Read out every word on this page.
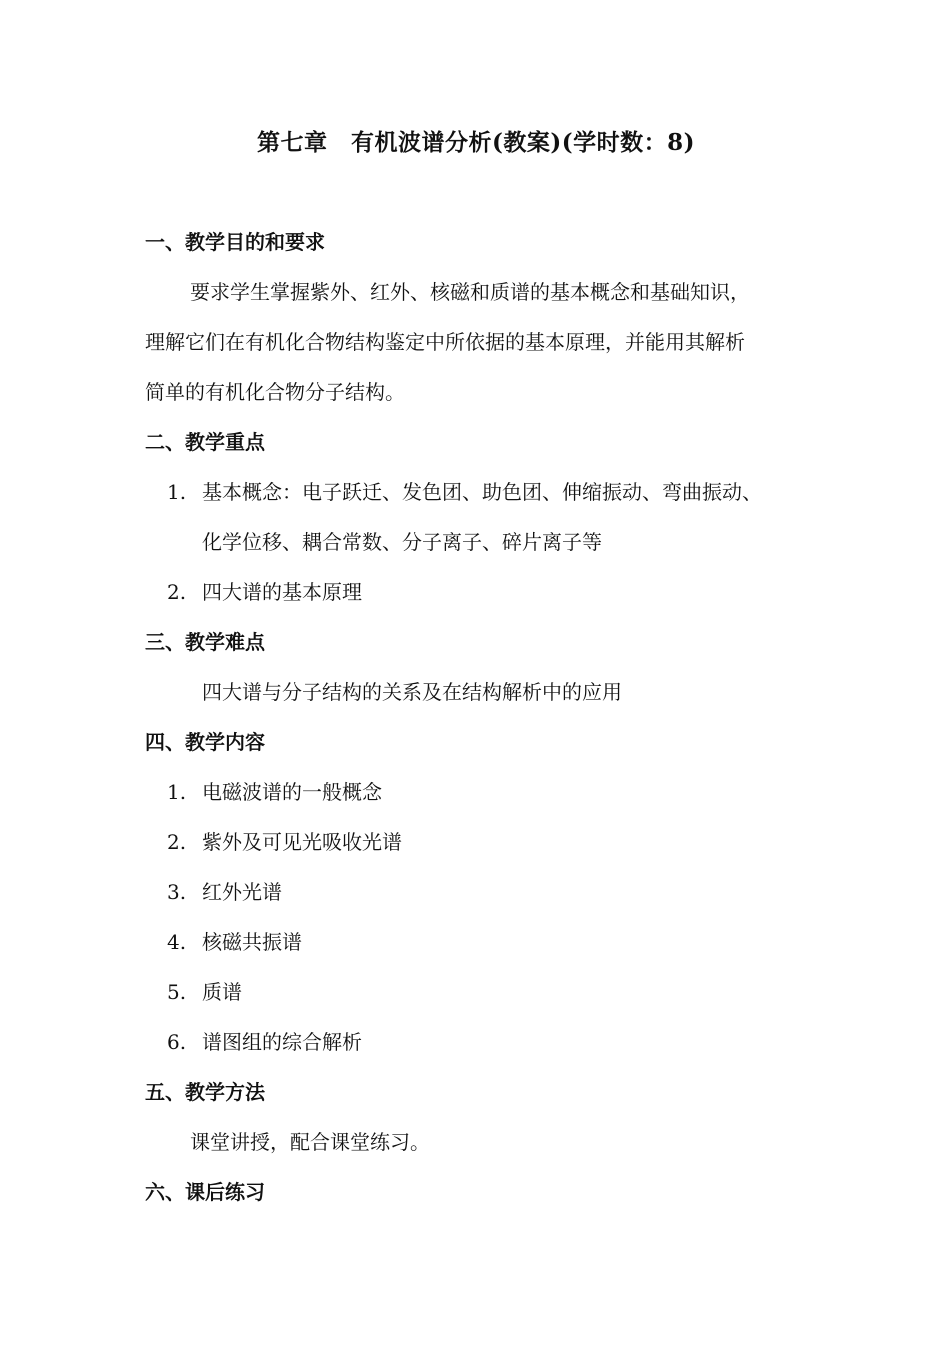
第七章　有机波谱分析(教案)(学时数：8)

一、教学目的和要求

要求学生掌握紫外、红外、核磁和质谱的基本概念和基础知识，

理解它们在有机化合物结构鉴定中所依据的基本原理，并能用其解析

简单的有机化合物分子结构。

二、教学重点

1. 基本概念：电子跃迁、发色团、助色团、伸缩振动、弯曲振动、
化学位移、耦合常数、分子离子、碎片离子等
2. 四大谱的基本原理

三、教学难点

四大谱与分子结构的关系及在结构解析中的应用

四、教学内容

1. 电磁波谱的一般概念
2. 紫外及可见光吸收光谱
3. 红外光谱
4. 核磁共振谱
5. 质谱
6. 谱图组的综合解析

五、教学方法

课堂讲授，配合课堂练习。

六、课后练习
